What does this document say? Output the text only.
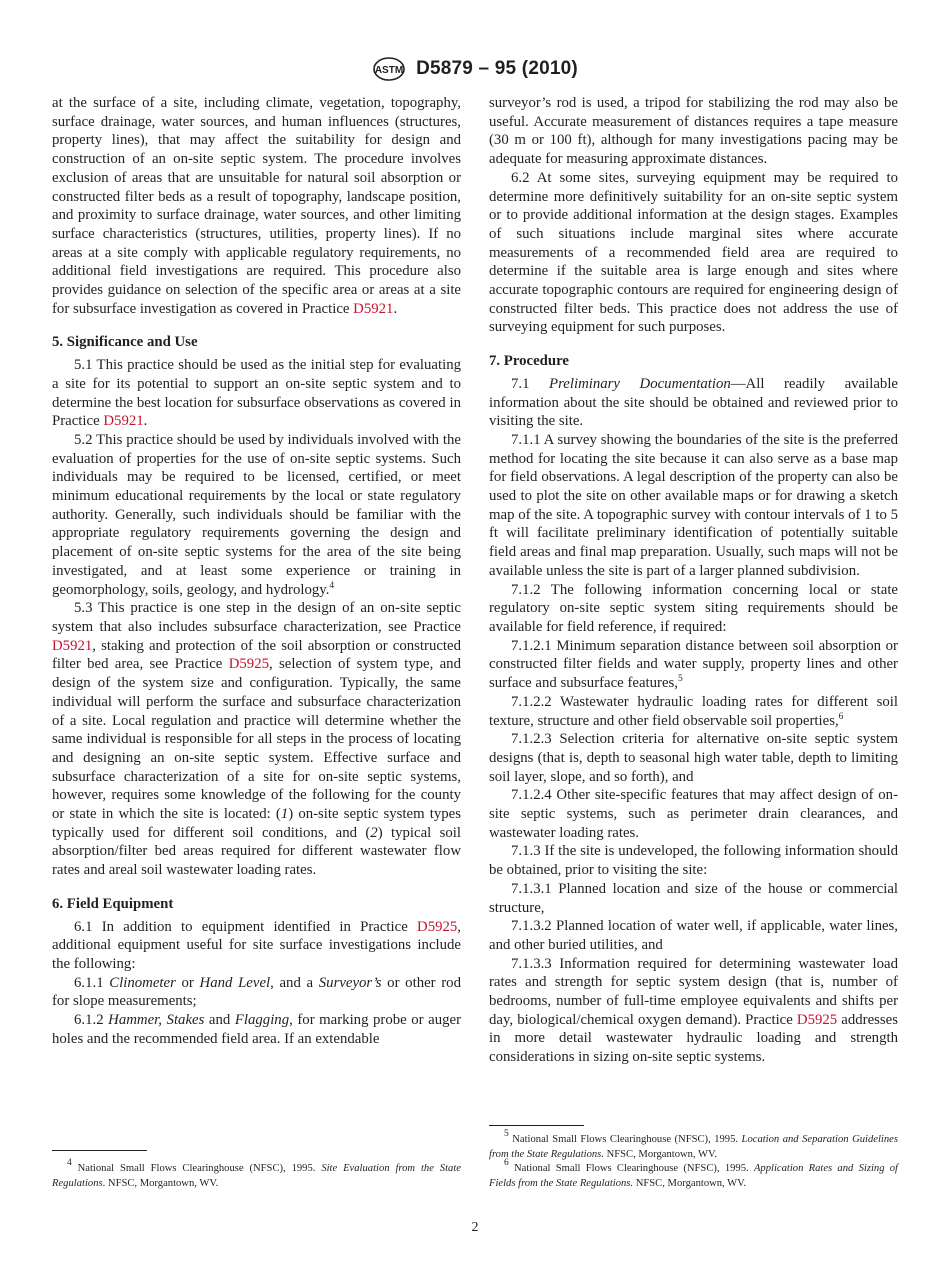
ASTM D5879 – 95 (2010)

at the surface of a site, including climate, vegetation, topography, surface drainage, water sources, and human influences (structures, property lines), that may affect the suitability for design and construction of an on-site septic system. The procedure involves exclusion of areas that are unsuitable for natural soil absorption or constructed filter beds as a result of topography, landscape position, and proximity to surface drainage, water sources, and other limiting surface characteristics (structures, utilities, property lines). If no areas at a site comply with applicable regulatory requirements, no additional field investigations are required. This procedure also provides guidance on selection of the specific area or areas at a site for subsurface investigation as covered in Practice D5921.

5. Significance and Use

5.1 This practice should be used as the initial step for evaluating a site for its potential to support an on-site septic system and to determine the best location for subsurface observations as covered in Practice D5921.

5.2 This practice should be used by individuals involved with the evaluation of properties for the use of on-site septic systems. Such individuals may be required to be licensed, certified, or meet minimum educational requirements by the local or state regulatory authority. Generally, such individuals should be familiar with the appropriate regulatory requirements governing the design and placement of on-site septic systems for the area of the site being investigated, and at least some experience or training in geomorphology, soils, geology, and hydrology.$^4$

5.3 This practice is one step in the design of an on-site septic system that also includes subsurface characterization, see Practice D5921, staking and protection of the soil absorption or constructed filter bed area, see Practice D5925, selection of system type, and design of the system size and configuration. Typically, the same individual will perform the surface and subsurface characterization of a site. Local regulation and practice will determine whether the same individual is responsible for all steps in the process of locating and designing an on-site septic system. Effective surface and subsurface characterization of a site for on-site septic systems, however, requires some knowledge of the following for the county or state in which the site is located: (1) on-site septic system types typically used for different soil conditions, and (2) typical soil absorption/filter bed areas required for different wastewater flow rates and areal soil wastewater loading rates.

6. Field Equipment

6.1 In addition to equipment identified in Practice D5925, additional equipment useful for site surface investigations include the following:

6.1.1 Clinometer or Hand Level, and a Surveyor’s or other rod for slope measurements;

6.1.2 Hammer, Stakes and Flagging, for marking probe or auger holes and the recommended field area. If an extendable

surveyor’s rod is used, a tripod for stabilizing the rod may also be useful. Accurate measurement of distances requires a tape measure (30 m or 100 ft), although for many investigations pacing may be adequate for measuring approximate distances.

6.2 At some sites, surveying equipment may be required to determine more definitively suitability for an on-site septic system or to provide additional information at the design stages. Examples of such situations include marginal sites where accurate measurements of a recommended field area are required to determine if the suitable area is large enough and sites where accurate topographic contours are required for engineering design of constructed filter beds. This practice does not address the use of surveying equipment for such purposes.

7. Procedure

7.1 Preliminary Documentation—All readily available information about the site should be obtained and reviewed prior to visiting the site.

7.1.1 A survey showing the boundaries of the site is the preferred method for locating the site because it can also serve as a base map for field observations. A legal description of the property can also be used to plot the site on other available maps or for drawing a sketch map of the site. A topographic survey with contour intervals of 1 to 5 ft will facilitate preliminary identification of potentially suitable field areas and final map preparation. Usually, such maps will not be available unless the site is part of a larger planned subdivision.

7.1.2 The following information concerning local or state regulatory on-site septic system siting requirements should be available for field reference, if required:

7.1.2.1 Minimum separation distance between soil absorption or constructed filter fields and water supply, property lines and other surface and subsurface features,$^5$

7.1.2.2 Wastewater hydraulic loading rates for different soil texture, structure and other field observable soil properties,$^6$

7.1.2.3 Selection criteria for alternative on-site septic system designs (that is, depth to seasonal high water table, depth to limiting soil layer, slope, and so forth), and

7.1.2.4 Other site-specific features that may affect design of on-site septic systems, such as perimeter drain clearances, and wastewater loading rates.

7.1.3 If the site is undeveloped, the following information should be obtained, prior to visiting the site:

7.1.3.1 Planned location and size of the house or commercial structure,

7.1.3.2 Planned location of water well, if applicable, water lines, and other buried utilities, and

7.1.3.3 Information required for determining wastewater load rates and strength for septic system design (that is, number of bedrooms, number of full-time employee equivalents and shifts per day, biological/chemical oxygen demand). Practice D5925 addresses in more detail wastewater hydraulic loading and strength considerations in sizing on-site septic systems.

$^4$ National Small Flows Clearinghouse (NFSC), 1995. Site Evaluation from the State Regulations. NFSC, Morgantown, WV.

$^5$ National Small Flows Clearinghouse (NFSC), 1995. Location and Separation Guidelines from the State Regulations. NFSC, Morgantown, WV.

$^6$ National Small Flows Clearinghouse (NFSC), 1995. Application Rates and Sizing of Fields from the State Regulations. NFSC, Morgantown, WV.

2
